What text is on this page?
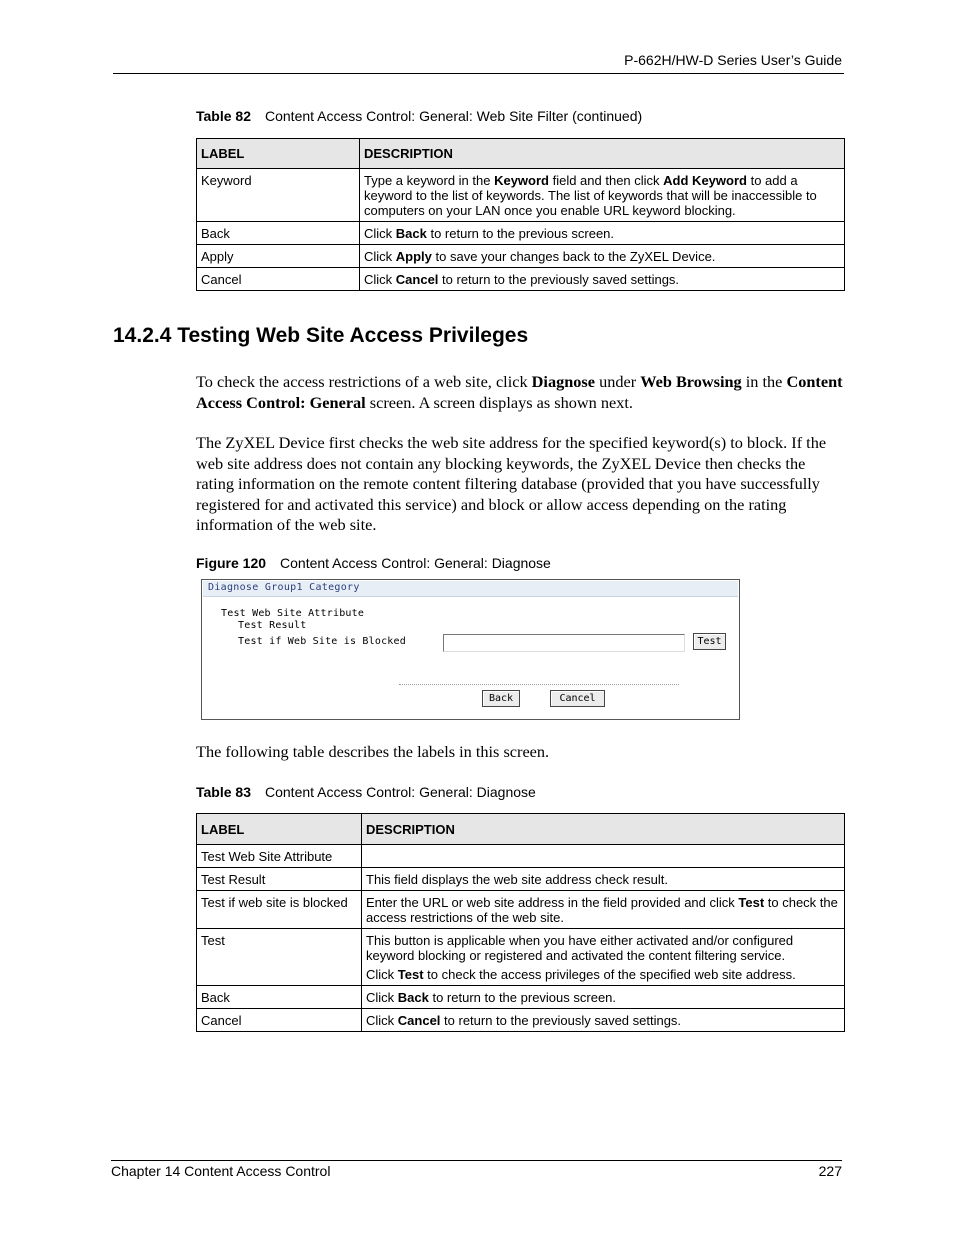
P-662H/HW-D Series User’s Guide
Table 82 Content Access Control: General: Web Site Filter (continued)
LABEL	DESCRIPTION
Keyword	Type a keyword in the Keyword field and then click Add Keyword to add a keyword to the list of keywords. The list of keywords that will be inaccessible to computers on your LAN once you enable URL keyword blocking.
Back	Click Back to return to the previous screen.
Apply	Click Apply to save your changes back to the ZyXEL Device.
Cancel	Click Cancel to return to the previously saved settings.
14.2.4 Testing Web Site Access Privileges
To check the access restrictions of a web site, click Diagnose under Web Browsing in the Content Access Control: General screen. A screen displays as shown next.
The ZyXEL Device first checks the web site address for the specified keyword(s) to block. If the web site address does not contain any blocking keywords, the ZyXEL Device then checks the rating information on the remote content filtering database (provided that you have successfully registered for and activated this service) and block or allow access depending on the rating information of the web site.
Figure 120 Content Access Control: General: Diagnose
Diagnose Group1 Category
Test Web Site Attribute
Test Result
Test if Web Site is Blocked	Test
Back	Cancel
The following table describes the labels in this screen.
Table 83 Content Access Control: General: Diagnose
LABEL	DESCRIPTION
Test Web Site Attribute	
Test Result	This field displays the web site address check result.
Test if web site is blocked	Enter the URL or web site address in the field provided and click Test to check the access restrictions of the web site.
Test	This button is applicable when you have either activated and/or configured keyword blocking or registered and activated the content filtering service.
Click Test to check the access privileges of the specified web site address.

Back	Click Back to return to the previous screen.
Cancel	Click Cancel to return to the previously saved settings.
Chapter 14 Content Access Control	227
